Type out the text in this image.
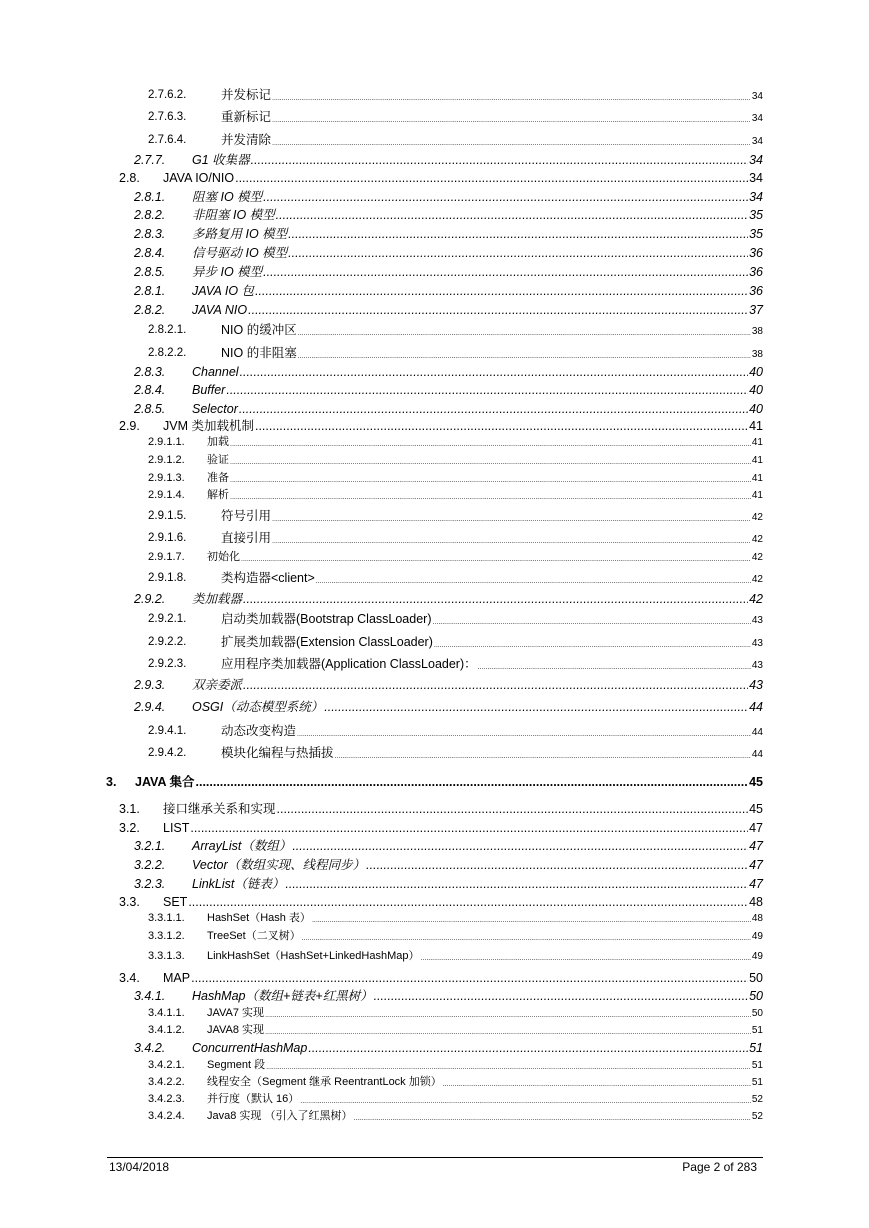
2.7.6.2.	并发标记 .....	34
2.7.6.3.	重新标记 .....	34
2.7.6.4.	并发清除 .....	34
2.7.7.	G1 收集器 .....	34
2.8.	JAVA IO/NIO .....	34
2.8.1.	阻塞 IO 模型 .....	34
2.8.2.	非阻塞 IO 模型 .....	35
2.8.3.	多路复用 IO 模型 .....	35
2.8.4.	信号驱动 IO 模型 .....	36
2.8.5.	异步 IO 模型 .....	36
2.8.1.	JAVA IO 包 .....	36
2.8.2.	JAVA NIO .....	37
2.8.2.1.	NIO 的缓冲区 .....	38
2.8.2.2.	NIO 的非阻塞 .....	38
2.8.3.	Channel .....	40
2.8.4.	Buffer .....	40
2.8.5.	Selector .....	40
2.9.	JVM 类加载机制 .....	41
2.9.1.1.	加载 .....	41
2.9.1.2.	验证 .....	41
2.9.1.3.	准备 .....	41
2.9.1.4.	解析 .....	41
2.9.1.5.	符号引用 .....	42
2.9.1.6.	直接引用 .....	42
2.9.1.7.	初始化 .....	42
2.9.1.8.	类构造器<client> .....	42
2.9.2.	类加载器 .....	42
2.9.2.1.	启动类加载器(Bootstrap ClassLoader) .....	43
2.9.2.2.	扩展类加载器(Extension ClassLoader) .....	43
2.9.2.3.	应用程序类加载器(Application ClassLoader)： .....	43
2.9.3.	双亲委派 .....	43
2.9.4.	OSGI（动态模型系统） .....	44
2.9.4.1.	动态改变构造 .....	44
2.9.4.2.	模块化编程与热插拔 .....	44
3.	JAVA 集合 .....	45
3.1.	接口继承关系和实现 .....	45
3.2.	LIST .....	47
3.2.1.	ArrayList（数组） .....	47
3.2.2.	Vector（数组实现、线程同步） .....	47
3.2.3.	LinkList（链表） .....	47
3.3.	SET .....	48
3.3.1.1.	HashSet（Hash 表） .....	48
3.3.1.2.	TreeSet（二叉树） .....	49
3.3.1.3.	LinkHashSet（HashSet+LinkedHashMap） .....	49
3.4.	MAP .....	50
3.4.1.	HashMap（数组+链表+红黑树） .....	50
3.4.1.1.	JAVA7 实现 .....	50
3.4.1.2.	JAVA8 实现 .....	51
3.4.2.	ConcurrentHashMap .....	51
3.4.2.1.	Segment 段 .....	51
3.4.2.2.	线程安全（Segment 继承 ReentrantLock 加锁） .....	51
3.4.2.3.	并行度（默认 16） .....	52
3.4.2.4.	Java8 实现 （引入了红黑树） .....	52
13/04/2018	Page 2 of 283
